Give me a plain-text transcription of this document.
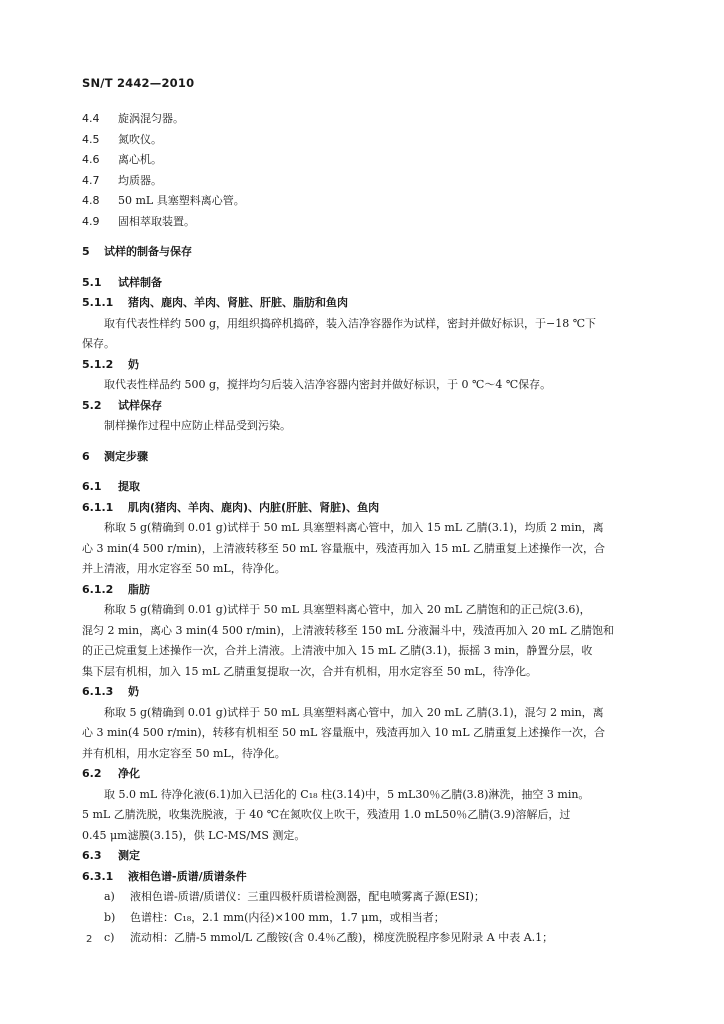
SN/T 2442—2010
4.4 旋涡混匀器。
4.5 氮吹仪。
4.6 离心机。
4.7 均质器。
4.8 50 mL 具塞塑料离心管。
4.9 固相萃取装置。
5 试样的制备与保存
5.1 试样制备
5.1.1 猪肉、鹿肉、羊肉、肾脏、肝脏、脂肪和鱼肉
取有代表性样约 500 g，用组织捣碎机捣碎，装入洁净容器作为试样，密封并做好标识，于−18 ℃下
保存。
5.1.2 奶
取代表性样品约 500 g，搅拌均匀后装入洁净容器内密封并做好标识，于 0 ℃～4 ℃保存。
5.2 试样保存
制样操作过程中应防止样品受到污染。
6 测定步骤
6.1 提取
6.1.1 肌肉(猪肉、羊肉、鹿肉)、内脏(肝脏、肾脏)、鱼肉
称取 5 g(精确到 0.01 g)试样于 50 mL 具塞塑料离心管中，加入 15 mL 乙腈(3.1)，均质 2 min，离
心 3 min(4 500 r/min)，上清液转移至 50 mL 容量瓶中，残渣再加入 15 mL 乙腈重复上述操作一次，合
并上清液，用水定容至 50 mL，待净化。
6.1.2 脂肪
称取 5 g(精确到 0.01 g)试样于 50 mL 具塞塑料离心管中，加入 20 mL 乙腈饱和的正己烷(3.6)，
混匀 2 min，离心 3 min(4 500 r/min)，上清液转移至 150 mL 分液漏斗中，残渣再加入 20 mL 乙腈饱和
的正己烷重复上述操作一次，合并上清液。上清液中加入 15 mL 乙腈(3.1)，振摇 3 min，静置分层，收
集下层有机相，加入 15 mL 乙腈重复提取一次，合并有机相，用水定容至 50 mL，待净化。
6.1.3 奶
称取 5 g(精确到 0.01 g)试样于 50 mL 具塞塑料离心管中，加入 20 mL 乙腈(3.1)，混匀 2 min，离
心 3 min(4 500 r/min)，转移有机相至 50 mL 容量瓶中，残渣再加入 10 mL 乙腈重复上述操作一次，合
并有机相，用水定容至 50 mL，待净化。
6.2 净化
取 5.0 mL 待净化液(6.1)加入已活化的 C₁₈ 柱(3.14)中，5 mL30％乙腈(3.8)淋洗，抽空 3 min。
5 mL 乙腈洗脱，收集洗脱液，于 40 ℃在氮吹仪上吹干，残渣用 1.0 mL50％乙腈(3.9)溶解后，过
0.45 μm滤膜(3.15)，供 LC-MS/MS 测定。
6.3 测定
6.3.1 液相色谱-质谱/质谱条件
a) 液相色谱-质谱/质谱仪：三重四极杆质谱检测器，配电喷雾离子源(ESI)；
b) 色谱柱：C₁₈，2.1 mm(内径)×100 mm，1.7 μm，或相当者；
c) 流动相：乙腈-5 mmol/L 乙酸铵(含 0.4％乙酸)，梯度洗脱程序参见附录 A 中表 A.1；
2
